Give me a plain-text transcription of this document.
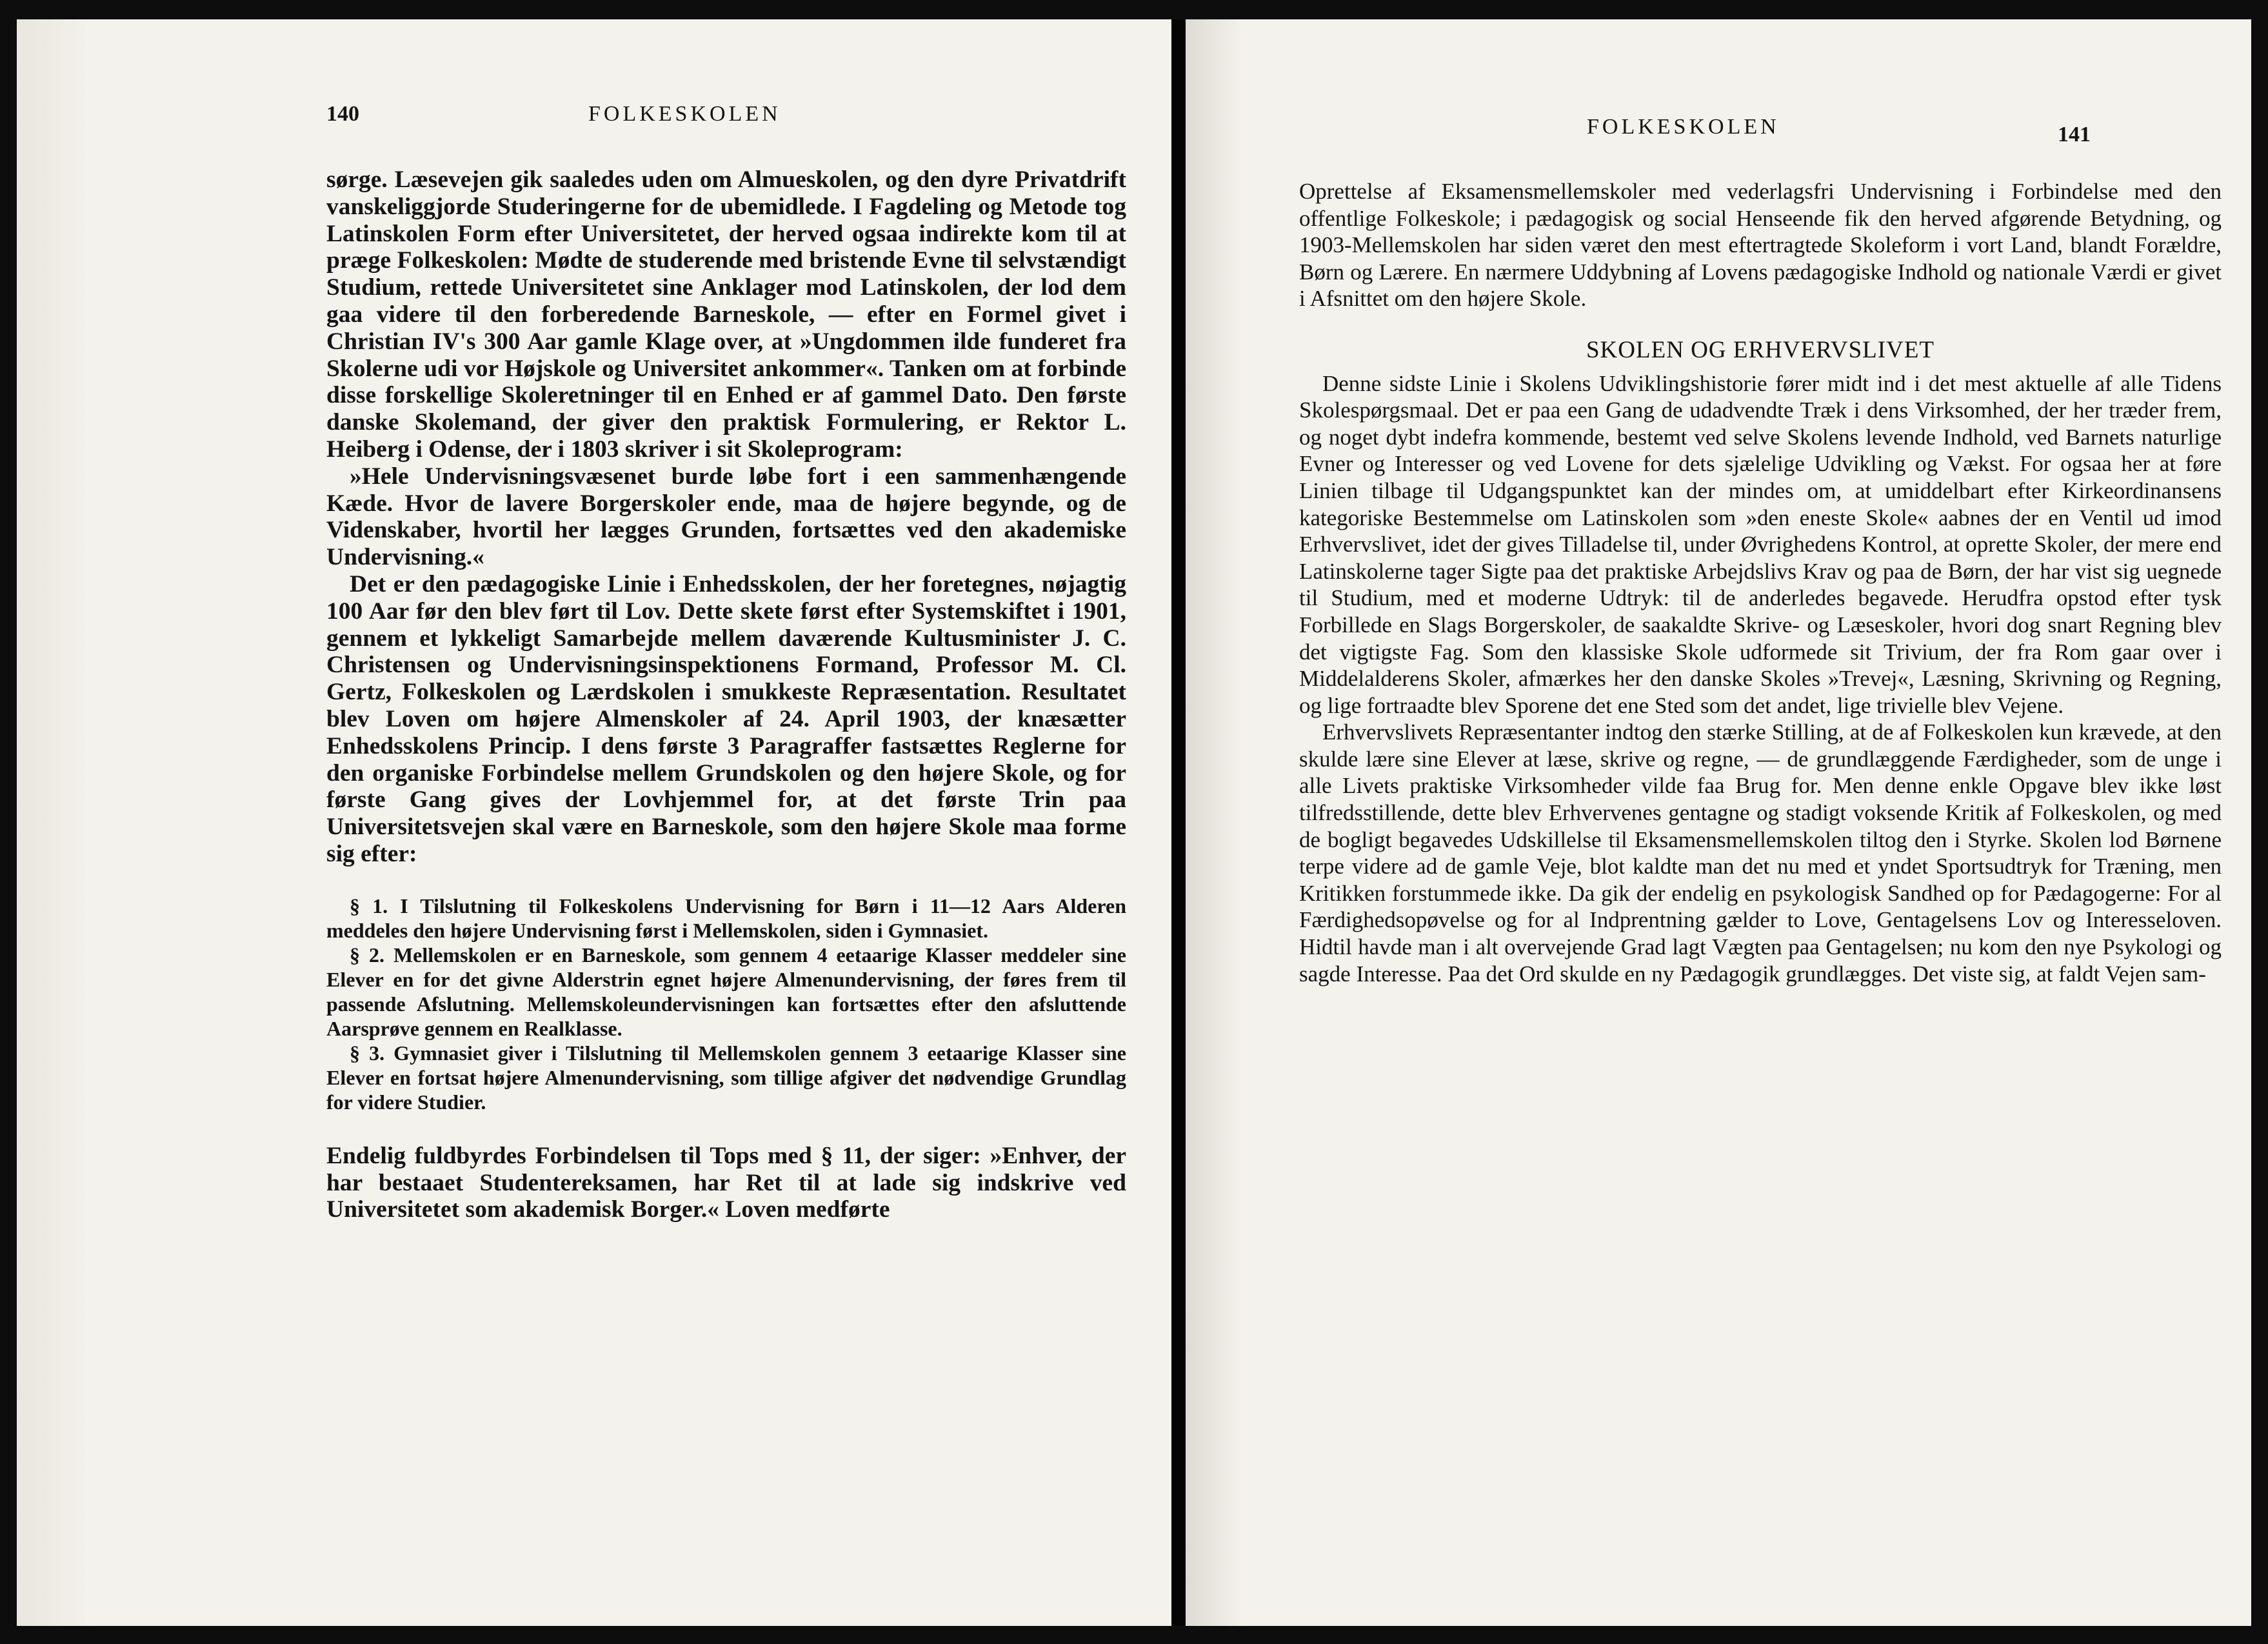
140	FOLKESKOLEN

sørge. Læsevejen gik saaledes uden om Almueskolen, og den dyre Privatdrift vanskeliggjorde Studeringerne for de ubemidlede. I Fagdeling og Metode tog Latinskolen Form efter Universitetet, der herved ogsaa indirekte kom til at præge Folkeskolen: Mødte de studerende med bristende Evne til selvstændigt Studium, rettede Universitetet sine Anklager mod Latinskolen, der lod dem gaa videre til den forberedende Barneskole, — efter en Formel givet i Christian IV's 300 Aar gamle Klage over, at »Ungdommen ilde funderet fra Skolerne udi vor Højskole og Universitet ankommer«. Tanken om at forbinde disse forskellige Skoleretninger til en Enhed er af gammel Dato. Den første danske Skolemand, der giver den praktisk Formulering, er Rektor L. Heiberg i Odense, der i 1803 skriver i sit Skoleprogram:

»Hele Undervisningsvæsenet burde løbe fort i een sammenhængende Kæde. Hvor de lavere Borgerskoler ende, maa de højere begynde, og de Videnskaber, hvortil her lægges Grunden, fortsættes ved den akademiske Undervisning.«

Det er den pædagogiske Linie i Enhedsskolen, der her foretegnes, nøjagtig 100 Aar før den blev ført til Lov. Dette skete først efter Systemskiftet i 1901, gennem et lykkeligt Samarbejde mellem daværende Kultusminister J. C. Christensen og Undervisningsinspektionens Formand, Professor M. Cl. Gertz, Folkeskolen og Lærdskolen i smukkeste Repræsentation. Resultatet blev Loven om højere Almenskoler af 24. April 1903, der knæsætter Enhedsskolens Princip. I dens første 3 Paragraffer fastsættes Reglerne for den organiske Forbindelse mellem Grundskolen og den højere Skole, og for første Gang gives der Lovhjemmel for, at det første Trin paa Universitetsvejen skal være en Barneskole, som den højere Skole maa forme sig efter:

§ 1. I Tilslutning til Folkeskolens Undervisning for Børn i 11—12 Aars Alderen meddeles den højere Undervisning først i Mellemskolen, siden i Gymnasiet.

§ 2. Mellemskolen er en Barneskole, som gennem 4 eetaarige Klasser meddeler sine Elever en for det givne Alderstrin egnet højere Almenundervisning, der føres frem til passende Afslutning. Mellemskoleundervisningen kan fortsættes efter den afsluttende Aarsprøve gennem en Realklasse.

§ 3. Gymnasiet giver i Tilslutning til Mellemskolen gennem 3 eetaarige Klasser sine Elever en fortsat højere Almenundervisning, som tillige afgiver det nødvendige Grundlag for videre Studier.

Endelig fuldbyrdes Forbindelsen til Tops med § 11, der siger: »Enhver, der har bestaaet Studentereksamen, har Ret til at lade sig indskrive ved Universitetet som akademisk Borger.« Loven medførte

FOLKESKOLEN	141

Oprettelse af Eksamensmellemskoler med vederlagsfri Undervisning i Forbindelse med den offentlige Folkeskole; i pædagogisk og social Henseende fik den herved afgørende Betydning, og 1903-Mellemskolen har siden været den mest eftertragtede Skoleform i vort Land, blandt Forældre, Børn og Lærere. En nærmere Uddybning af Lovens pædagogiske Indhold og nationale Værdi er givet i Afsnittet om den højere Skole.

SKOLEN OG ERHVERVSLIVET

Denne sidste Linie i Skolens Udviklingshistorie fører midt ind i det mest aktuelle af alle Tidens Skolespørgsmaal. Det er paa een Gang de udadvendte Træk i dens Virksomhed, der her træder frem, og noget dybt indefra kommende, bestemt ved selve Skolens levende Indhold, ved Barnets naturlige Evner og Interesser og ved Lovene for dets sjælelige Udvikling og Vækst. For ogsaa her at føre Linien tilbage til Udgangspunktet kan der mindes om, at umiddelbart efter Kirkeordinansens kategoriske Bestemmelse om Latinskolen som »den eneste Skole« aabnes der en Ventil ud imod Erhvervslivet, idet der gives Tilladelse til, under Øvrighedens Kontrol, at oprette Skoler, der mere end Latinskolerne tager Sigte paa det praktiske Arbejdslivs Krav og paa de Børn, der har vist sig uegnede til Studium, med et moderne Udtryk: til de anderledes begavede. Herudfra opstod efter tysk Forbillede en Slags Borgerskoler, de saakaldte Skrive- og Læseskoler, hvori dog snart Regning blev det vigtigste Fag. Som den klassiske Skole udformede sit Trivium, der fra Rom gaar over i Middelalderens Skoler, afmærkes her den danske Skoles »Trevej«, Læsning, Skrivning og Regning, og lige fortraadte blev Sporene det ene Sted som det andet, lige trivielle blev Vejene.

Erhvervslivets Repræsentanter indtog den stærke Stilling, at de af Folkeskolen kun krævede, at den skulde lære sine Elever at læse, skrive og regne, — de grundlæggende Færdigheder, som de unge i alle Livets praktiske Virksomheder vilde faa Brug for. Men denne enkle Opgave blev ikke løst tilfredsstillende, dette blev Erhvervenes gentagne og stadigt voksende Kritik af Folkeskolen, og med de bogligt begavedes Udskillelse til Eksamensmellemskolen tiltog den i Styrke. Skolen lod Børnene terpe videre ad de gamle Veje, blot kaldte man det nu med et yndet Sportsudtryk for Træning, men Kritikken forstummede ikke. Da gik der endelig en psykologisk Sandhed op for Pædagogerne: For al Færdighedsopøvelse og for al Indprentning gælder to Love, Gentagelsens Lov og Interesseloven. Hidtil havde man i alt overvejende Grad lagt Vægten paa Gentagelsen; nu kom den nye Psykologi og sagde Interesse. Paa det Ord skulde en ny Pædagogik grundlægges. Det viste sig, at faldt Vejen sam-
